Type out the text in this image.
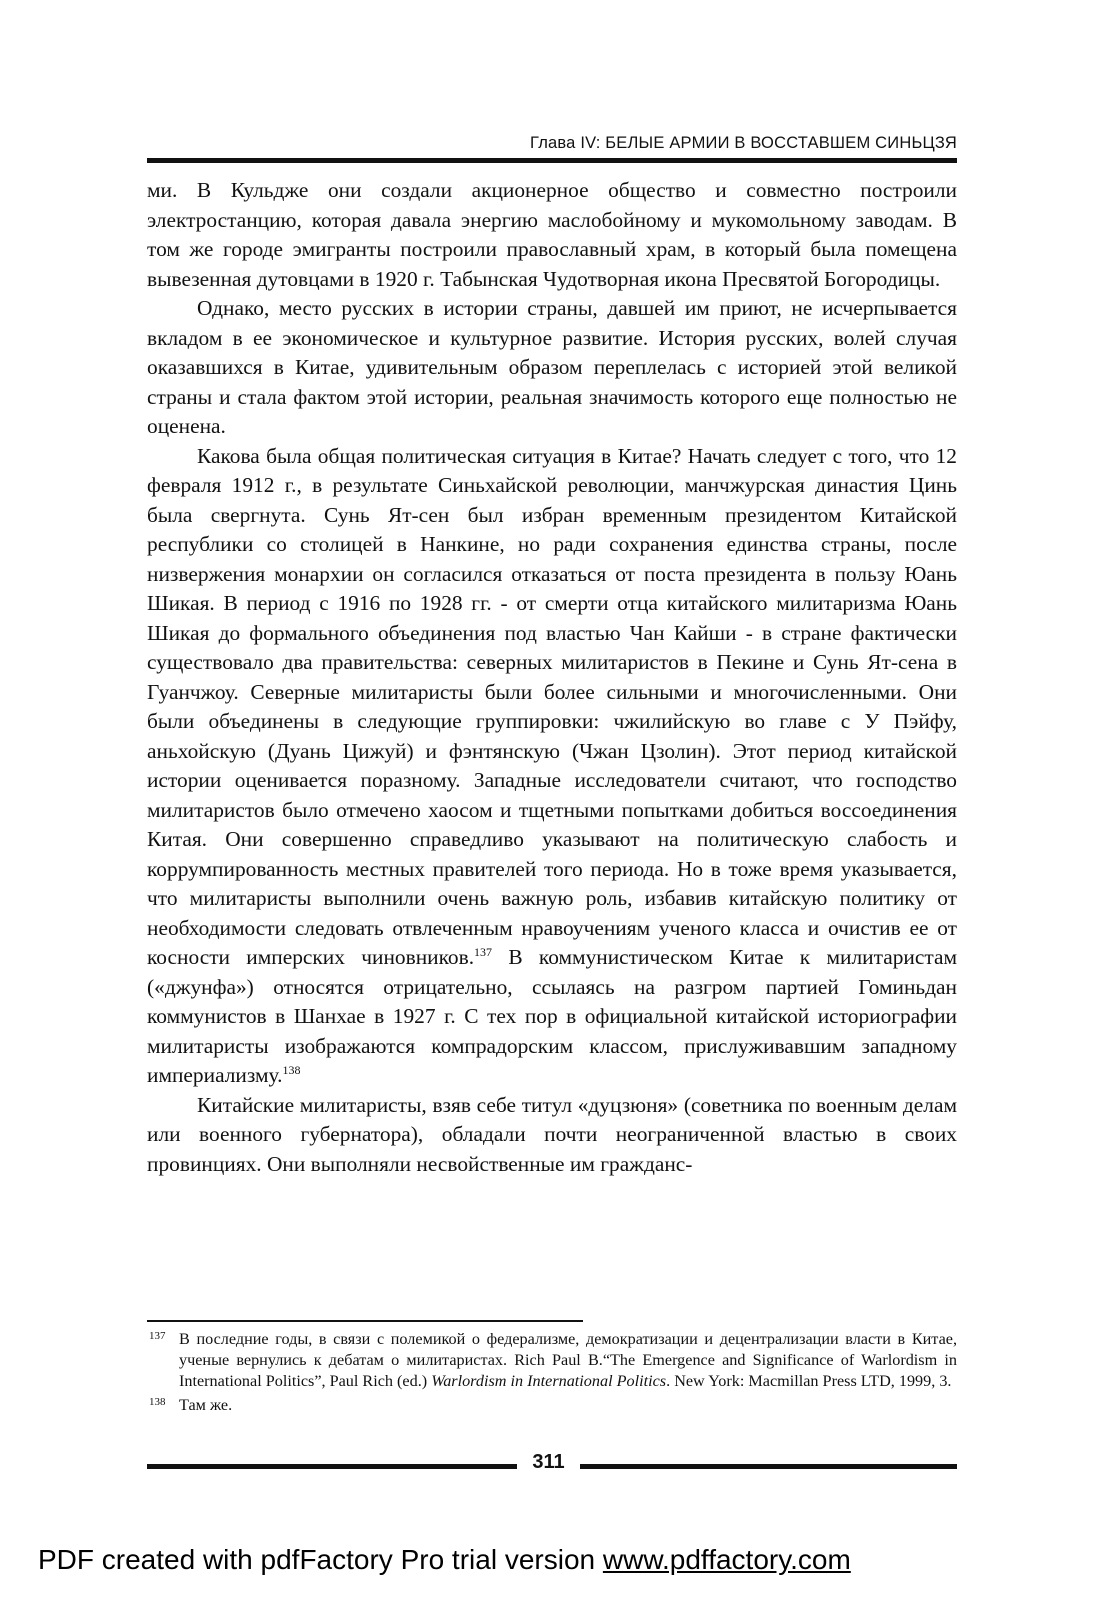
Глава IV: БЕЛЫЕ АРМИИ В ВОССТАВШЕМ СИНЬЦЗЯ

ми. В Кульдже они создали акционерное общество и совместно построили электростанцию, которая давала энергию маслобойному и мукомольному заводам. В том же городе эмигранты построили православный храм, в который была помещена вывезенная дутовцами в 1920 г. Табынская Чудотворная икона Пресвятой Богородицы.

Однако, место русских в истории страны, давшей им приют, не исчерпывается вкладом в ее экономическое и культурное развитие. История русских, волей случая оказавшихся в Китае, удивительным образом переплелась с историей этой великой страны и стала фактом этой истории, реальная значимость которого еще полностью не оценена.

Какова была общая политическая ситуация в Китае? Начать следует с того, что 12 февраля 1912 г., в результате Синьхайской революции, манчжурская династия Цинь была свергнута. Сунь Ят-сен был избран временным президентом Китайской республики со столицей в Нанкине, но ради сохранения единства страны, после низвержения монархии он согласился отказаться от поста президента в пользу Юань Шикая. В период с 1916 по 1928 гг. - от смерти отца китайского милитаризма Юань Шикая до формального объединения под властью Чан Кайши - в стране фактически существовало два правительства: северных милитаристов в Пекине и Сунь Ят-сена в Гуанчжоу. Северные милитаристы были более сильными и многочисленными. Они были объединены в следующие группировки: чжилийскую во главе с У Пэйфу, аньхойскую (Дуань Цижуй) и фэнтянскую (Чжан Цзолин). Этот период китайской истории оценивается поразному. Западные исследователи считают, что господство милитаристов было отмечено хаосом и тщетными попытками добиться воссоединения Китая. Они совершенно справедливо указывают на политическую слабость и коррумпированность местных правителей того периода. Но в тоже время указывается, что милитаристы выполнили очень важную роль, избавив китайскую политику от необходимости следовать отвлеченным нравоучениям ученого класса и очистив ее от косности имперских чиновников.$^{137}$ В коммунистическом Китае к милитаристам («джунфа») относятся отрицательно, ссылаясь на разгром партией Гоминьдан коммунистов в Шанхае в 1927 г. С тех пор в официальной китайской историографии милитаристы изображаются компрадорским классом, прислуживавшим западному империализму.$^{138}$

Китайские милитаристы, взяв себе титул «дуцзюня» (советника по военным делам или военного губернатора), обладали почти неограниченной властью в своих провинциях. Они выполняли несвойственные им гражданс-

137 В последние годы, в связи с полемикой о федерализме, демократизации и децентрализации власти в Китае, ученые вернулись к дебатам о милитаристах. Rich Paul B.“The Emergence and Significance of Warlordism in International Politics”, Paul Rich (ed.) Warlordism in International Politics. New York: Macmillan Press LTD, 1999, 3.
138 Там же.
311
PDF created with pdfFactory Pro trial version www.pdffactory.com
